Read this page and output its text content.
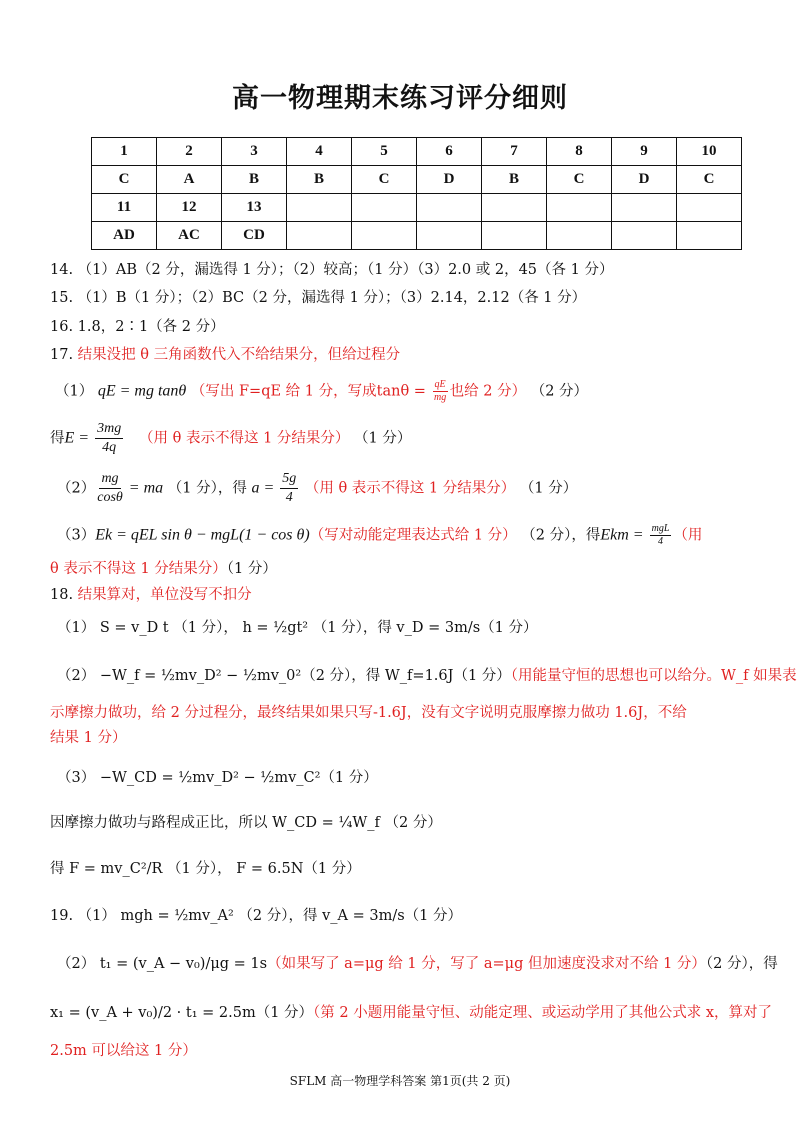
高一物理期末练习评分细则
1	2	3	4	5	6	7	8	9	10
C	A	B	B	C	D	B	C	D	C
11	12	13							
AD	AC	CD							
14. （1）AB（2 分，漏选得 1 分）；（2）较高；（1 分）（3）2.0 或 2，45（各 1 分）
15. （1）B（1 分）；（2）BC（2 分，漏选得 1 分）；（3）2.14，2.12（各 1 分）
16. 1.8，2∶1（各 2 分）
17. 结果没把 θ 三角函数代入不给结果分，但给过程分
（1） qE = mg tanθ （写出 F=qE 给 1 分，写成$\tan\theta = \frac{qE}{mg}$ 也给 2 分） （2 分）
得$E = \frac{3mg}{4q}$ （用 θ 表示不得这 1 分结果分） （1 分）
$(2) \frac{mg}{\cos\theta}$ = ma （1 分），得 $a = \frac{5g}{4}$ （用 θ 表示不得这 1 分结果分） （1 分）
（3）Ek = qEL sin θ − mgL(1 − cos θ)（写对动能定理表达式给 1 分） （2 分），得Ekm = $\frac{\text{mgL}}{4}$ （用
θ 表示不得这 1 分结果分）（1 分）
18. 结果算对，单位没写不扣分
（1） S = v_D t （1 分）， h = ½gt² （1 分），得 v_D = 3m/s（1 分）
（2） −W_f = ½mv_D² − ½mv_0²（2 分），得 W_f=1.6J（1 分）（用能量守恒的思想也可以给分。W_f 如果表
示摩擦力做功，给 2 分过程分，最终结果如果只写-1.6J，没有文字说明克服摩擦力做功 1.6J，不给
结果 1 分）
（3） −W_CD = ½mv_D² − ½mv_C²（1 分）
因摩擦力做功与路程成正比，所以 W_CD = ¼W_f （2 分）
得 F = mv_C²/R （1 分）， F = 6.5N（1 分）
19. （1） mgh = ½mv_A² （2 分），得 v_A = 3m/s（1 分）
（2） t₁ = (v_A − v₀)/μg = 1s（如果写了 a=μg 给 1 分，写了 a=μg 但加速度没求对不给 1 分）（2 分），得
x₁ = (v_A + v₀)/2 · t₁ = 2.5m（1 分）（第 2 小题用能量守恒、动能定理、或运动学用了其他公式求 x，算对了
2.5m 可以给这 1 分）
SFLM 高一物理学科答案 第1页(共 2 页)
